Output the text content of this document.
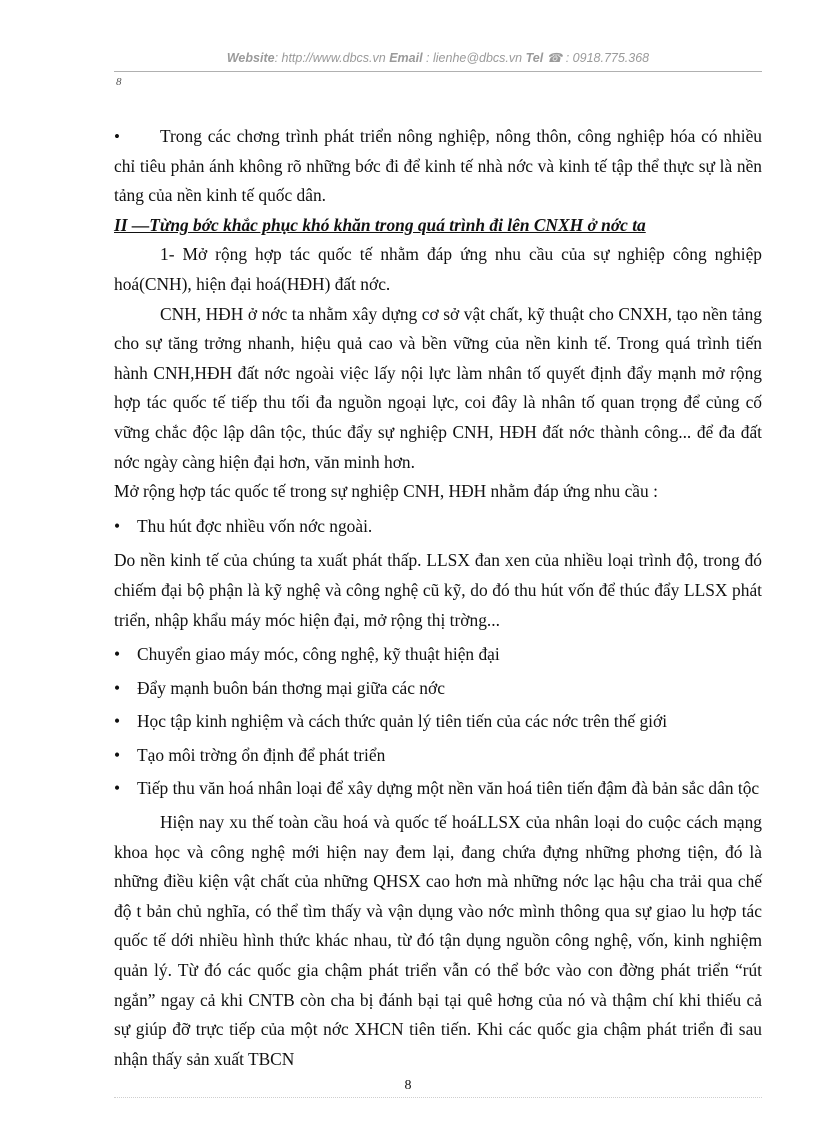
Website: http://www.dbcs.vn Email : lienhe@dbcs.vn Tel ☎ : 0918.775.368
8

• Trong các chơng trình phát triển nông nghiệp, nông thôn, công nghiệp hóa có nhiều chỉ tiêu phản ánh không rõ những bớc đi để kinh tế nhà nớc và kinh tế tập thể thực sự là nền tảng của nền kinh tế quốc dân.

II —Từng bớc khắc phục khó khăn trong quá trình đi lên CNXH ở nớc ta

1- Mở rộng hợp tác quốc tế nhằm đáp ứng nhu cầu của sự nghiệp công nghiệp hoá(CNH), hiện đại hoá(HĐH) đất nớc.

CNH, HĐH ở nớc ta nhằm xây dựng cơ sở vật chất, kỹ thuật cho CNXH, tạo nền tảng cho sự tăng trởng nhanh, hiệu quả cao và bền vững của nền kinh tế. Trong quá trình tiến hành CNH,HĐH đất nớc ngoài việc lấy nội lực làm nhân tố quyết định đẩy mạnh mở rộng hợp tác quốc tế tiếp thu tối đa nguồn ngoại lực, coi đây là nhân tố quan trọng để củng cố vững chắc độc lập dân tộc, thúc đẩy sự nghiệp CNH, HĐH đất nớc thành công... để đa đất nớc ngày càng hiện đại hơn, văn minh hơn.

Mở rộng hợp tác quốc tế trong sự nghiệp CNH, HĐH nhằm đáp ứng nhu cầu :

• Thu hút đợc nhiều vốn nớc ngoài.

Do nền kinh tế của chúng ta xuất phát thấp. LLSX đan xen của nhiều loại trình độ, trong đó chiếm đại bộ phận là kỹ nghệ và công nghệ cũ kỹ, do đó thu hút vốn để thúc đẩy LLSX phát triển, nhập khẩu máy móc hiện đại, mở rộng thị trờng...

• Chuyển giao máy móc, công nghệ, kỹ thuật hiện đại
• Đẩy mạnh buôn bán thơng mại giữa các nớc
• Học tập kinh nghiệm và cách thức quản lý tiên tiến của các nớc trên thế giới
• Tạo môi trờng ổn định để phát triển
• Tiếp thu văn hoá nhân loại để xây dựng một nền văn hoá tiên tiến đậm đà bản sắc dân tộc

Hiện nay xu thế toàn cầu hoá và quốc tế hoáLLSX của nhân loại do cuộc cách mạng khoa học và công nghệ mới hiện nay đem lại, đang chứa đựng những phơng tiện, đó là những điều kiện vật chất của những QHSX cao hơn mà những nớc lạc hậu cha trải qua chế độ t bản chủ nghĩa, có thể tìm thấy và vận dụng vào nớc mình thông qua sự giao lu hợp tác quốc tế dới nhiều hình thức khác nhau, từ đó tận dụng nguồn công nghệ, vốn, kinh nghiệm quản lý. Từ đó các quốc gia chậm phát triển vẫn có thể bớc vào con đờng phát triển “rút ngắn” ngay cả khi CNTB còn cha bị đánh bại tại quê hơng của nó và thậm chí khi thiếu cả sự giúp đỡ trực tiếp của một nớc XHCN tiên tiến. Khi các quốc gia chậm phát triển đi sau nhận thấy sản xuất TBCN

8
